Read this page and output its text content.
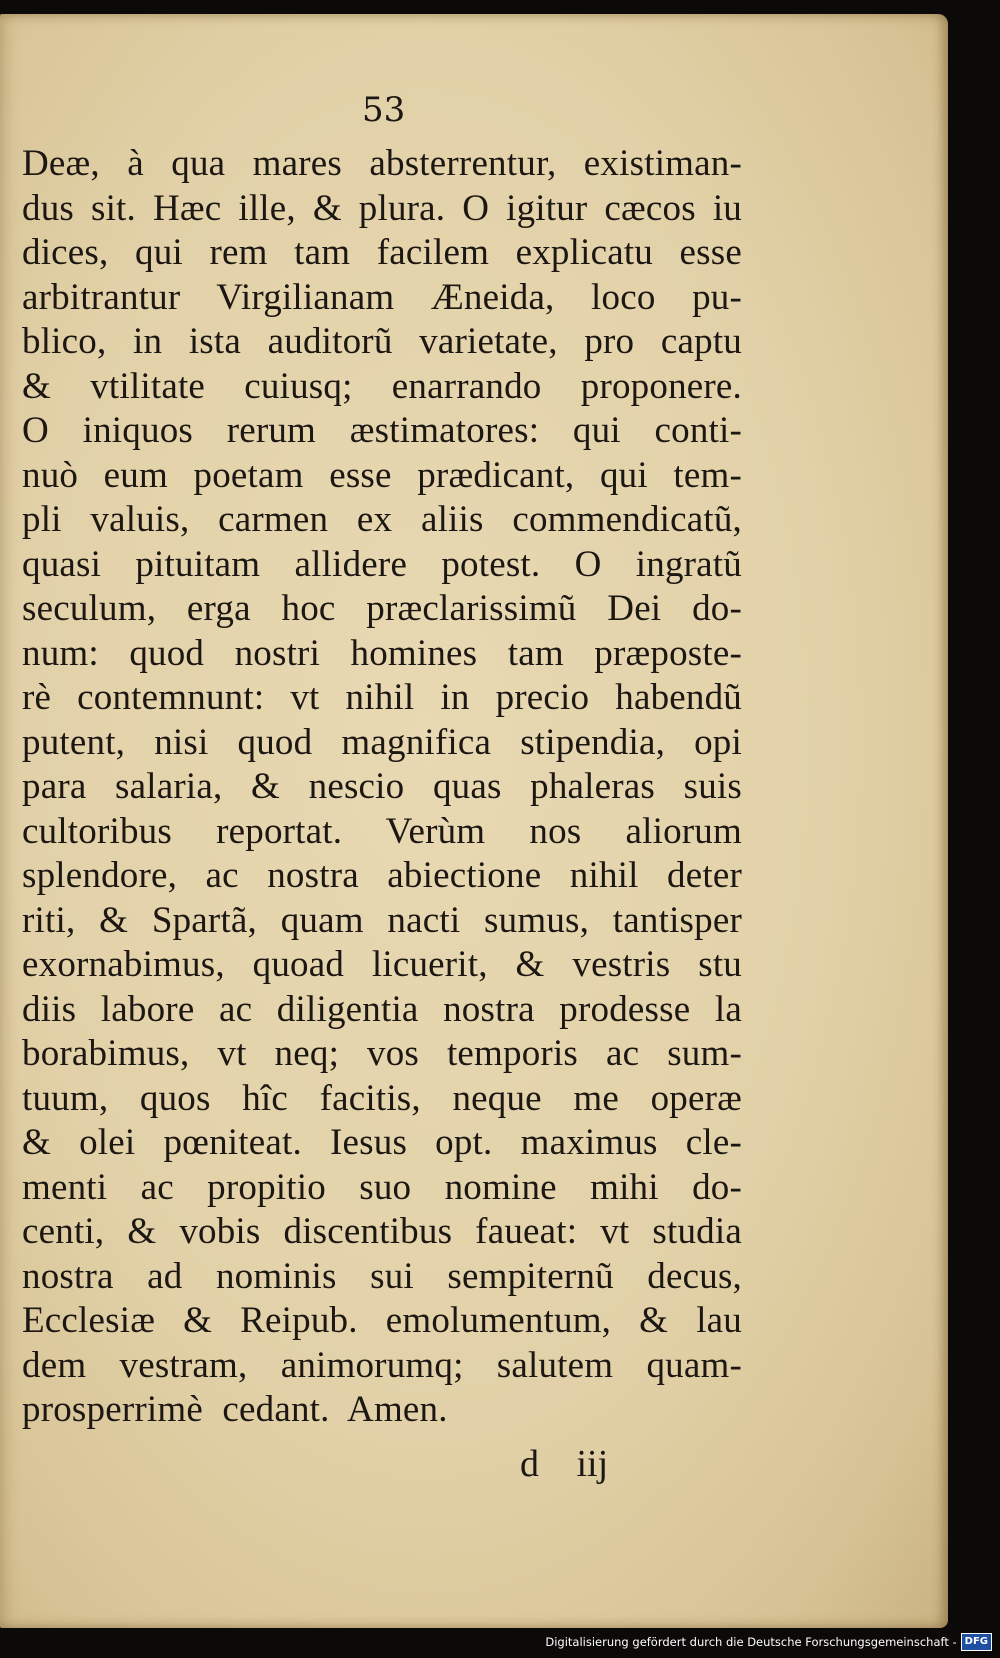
53

Deæ, à qua mares absterrentur, existiman-
dus sit. Hæc ille, & plura. O igitur cæcos iu
dices, qui rem tam facilem explicatu esse
arbitrantur Virgilianam Æneida, loco pu-
blico, in ista auditorũ varietate, pro captu
& vtilitate cuiusq; enarrando proponere.
O iniquos rerum æstimatores: qui conti-
nuò eum poetam esse prædicant, qui tem-
pli valuis, carmen ex aliis commendicatũ,
quasi pituitam allidere potest. O ingratũ
seculum, erga hoc præclarissimũ Dei do-
num: quod nostri homines tam præposte-
rè contemnunt: vt nihil in precio habendũ
putent, nisi quod magnifica stipendia, opi
para salaria, & nescio quas phaleras suis
cultoribus reportat. Verùm nos aliorum
splendore, ac nostra abiectione nihil deter
riti, & Spartã, quam nacti sumus, tantisper
exornabimus, quoad licuerit, & vestris stu
diis labore ac diligentia nostra prodesse la
borabimus, vt neq; vos temporis ac sum-
tuum, quos hîc facitis, neque me operæ
& olei pœniteat. Iesus opt. maximus cle-
menti ac propitio suo nomine mihi do-
centi, & vobis discentibus faueat: vt studia
nostra ad nominis sui sempiternũ decus,
Ecclesiæ & Reipub. emolumentum, & lau
dem vestram, animorumq; salutem quam-
prosperrimè cedant. Amen.

d iij

Digitalisierung gefördert durch die Deutsche Forschungsgemeinschaft - DFG
